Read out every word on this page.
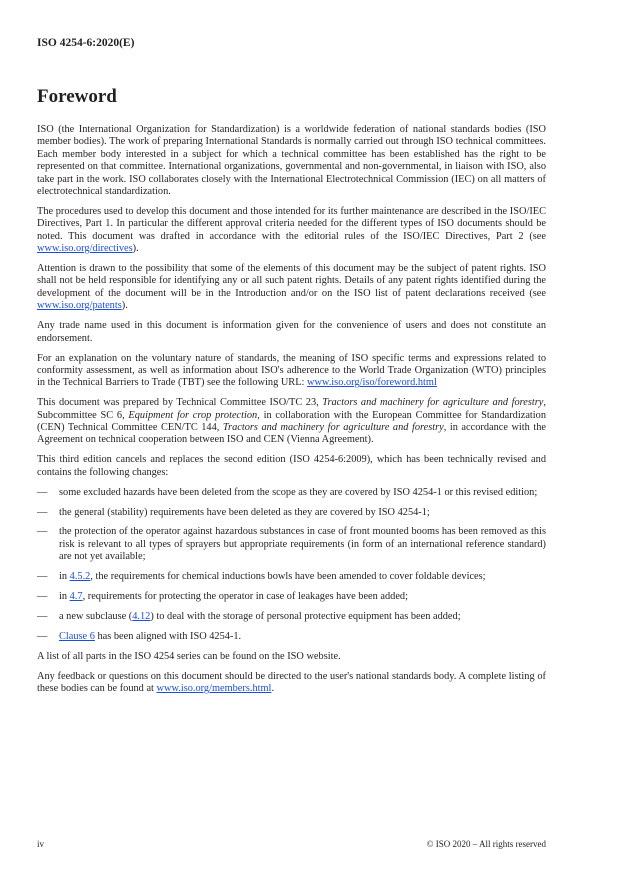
ISO 4254-6:2020(E)
Foreword

ISO (the International Organization for Standardization) is a worldwide federation of national standards bodies (ISO member bodies). The work of preparing International Standards is normally carried out through ISO technical committees. Each member body interested in a subject for which a technical committee has been established has the right to be represented on that committee. International organizations, governmental and non-governmental, in liaison with ISO, also take part in the work. ISO collaborates closely with the International Electrotechnical Commission (IEC) on all matters of electrotechnical standardization.

The procedures used to develop this document and those intended for its further maintenance are described in the ISO/IEC Directives, Part 1. In particular the different approval criteria needed for the different types of ISO documents should be noted. This document was drafted in accordance with the editorial rules of the ISO/IEC Directives, Part 2 (see www.iso.org/directives).

Attention is drawn to the possibility that some of the elements of this document may be the subject of patent rights. ISO shall not be held responsible for identifying any or all such patent rights. Details of any patent rights identified during the development of the document will be in the Introduction and/or on the ISO list of patent declarations received (see www.iso.org/patents).

Any trade name used in this document is information given for the convenience of users and does not constitute an endorsement.

For an explanation on the voluntary nature of standards, the meaning of ISO specific terms and expressions related to conformity assessment, as well as information about ISO's adherence to the World Trade Organization (WTO) principles in the Technical Barriers to Trade (TBT) see the following URL: www.iso.org/iso/foreword.html

This document was prepared by Technical Committee ISO/TC 23, Tractors and machinery for agriculture and forestry, Subcommittee SC 6, Equipment for crop protection, in collaboration with the European Committee for Standardization (CEN) Technical Committee CEN/TC 144, Tractors and machinery for agriculture and forestry, in accordance with the Agreement on technical cooperation between ISO and CEN (Vienna Agreement).

This third edition cancels and replaces the second edition (ISO 4254-6:2009), which has been technically revised and contains the following changes:

—	some excluded hazards have been deleted from the scope as they are covered by ISO 4254-1 or this revised edition;
—	the general (stability) requirements have been deleted as they are covered by ISO 4254-1;
—	the protection of the operator against hazardous substances in case of front mounted booms has been removed as this risk is relevant to all types of sprayers but appropriate requirements (in form of an international reference standard) are not yet available;
—	in 4.5.2, the requirements for chemical inductions bowls have been amended to cover foldable devices;
—	in 4.7, requirements for protecting the operator in case of leakages have been added;
—	a new subclause (4.12) to deal with the storage of personal protective equipment has been added;
—	Clause 6 has been aligned with ISO 4254-1.

A list of all parts in the ISO 4254 series can be found on the ISO website.

Any feedback or questions on this document should be directed to the user's national standards body. A complete listing of these bodies can be found at www.iso.org/members.html.

iv	© ISO 2020 – All rights reserved
